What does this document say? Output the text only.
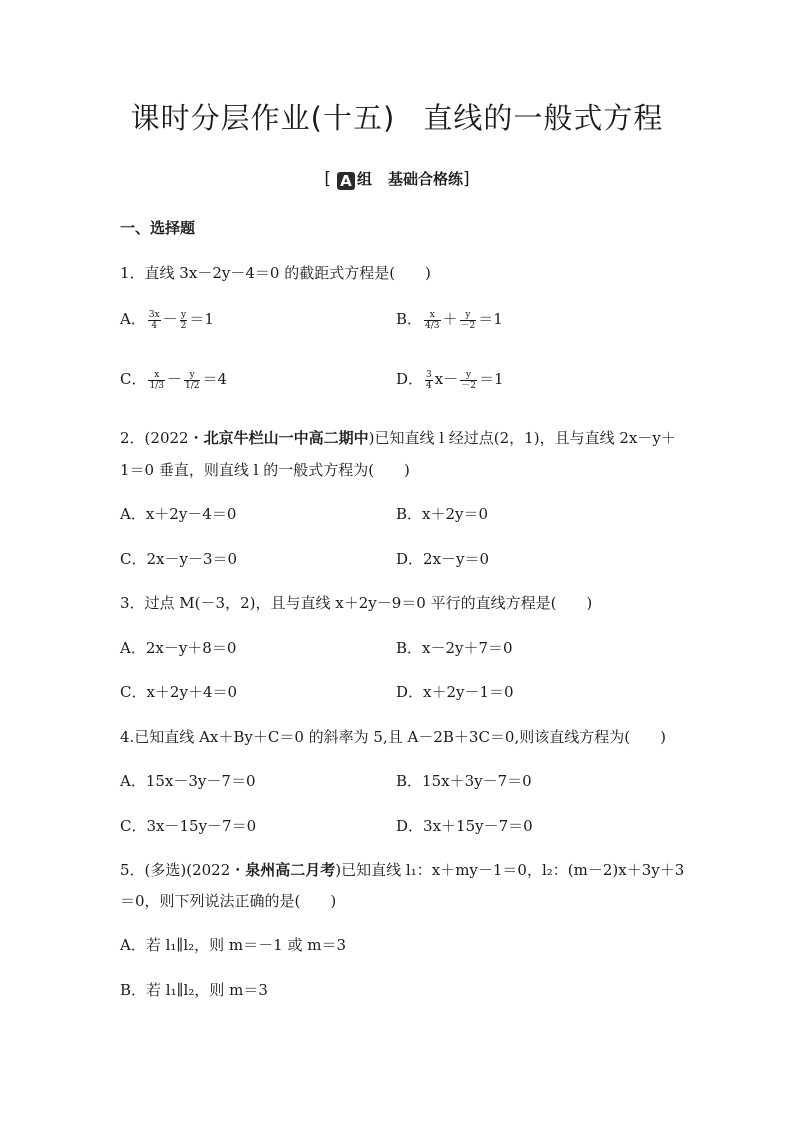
课时分层作业(十五) 直线的一般式方程
[ A 组 基础合格练]
一、选择题
1．直线 3x－2y－4＝0 的截距式方程是(　　)
A． $\frac{3x}{4} - \frac{y}{2} =1$	B． $\frac{x}{4/3} + \frac{y}{-2} =1$
C． $\frac{x}{1/3} - \frac{y}{1/2} =4$	D． $\frac{3}{4} x- \frac{y}{-2} =1$
2．(2022・北京牛栏山一中高二期中)已知直线 l 经过点(2，1)，且与直线 2x－y＋
1＝0 垂直，则直线 l 的一般式方程为(　　)
A．x＋2y－4＝0	B．x＋2y＝0
C．2x－y－3＝0	D．2x－y＝0
3．过点 M(－3，2)，且与直线 x＋2y－9＝0 平行的直线方程是(　　)
A．2x－y＋8＝0	B．x－2y＋7＝0
C．x＋2y＋4＝0	D．x＋2y－1＝0
4.已知直线 Ax＋By＋C＝0 的斜率为 5,且 A－2B＋3C＝0,则该直线方程为(　　)
A．15x－3y－7＝0	B．15x＋3y－7＝0
C．3x－15y－7＝0	D．3x＋15y－7＝0
5．(多选)(2022・泉州高二月考)已知直线 l₁：x＋my－1＝0，l₂：(m－2)x＋3y＋3
＝0，则下列说法正确的是(　　)
A．若 l₁∥l₂，则 m＝－1 或 m＝3
B．若 l₁∥l₂，则 m＝3
